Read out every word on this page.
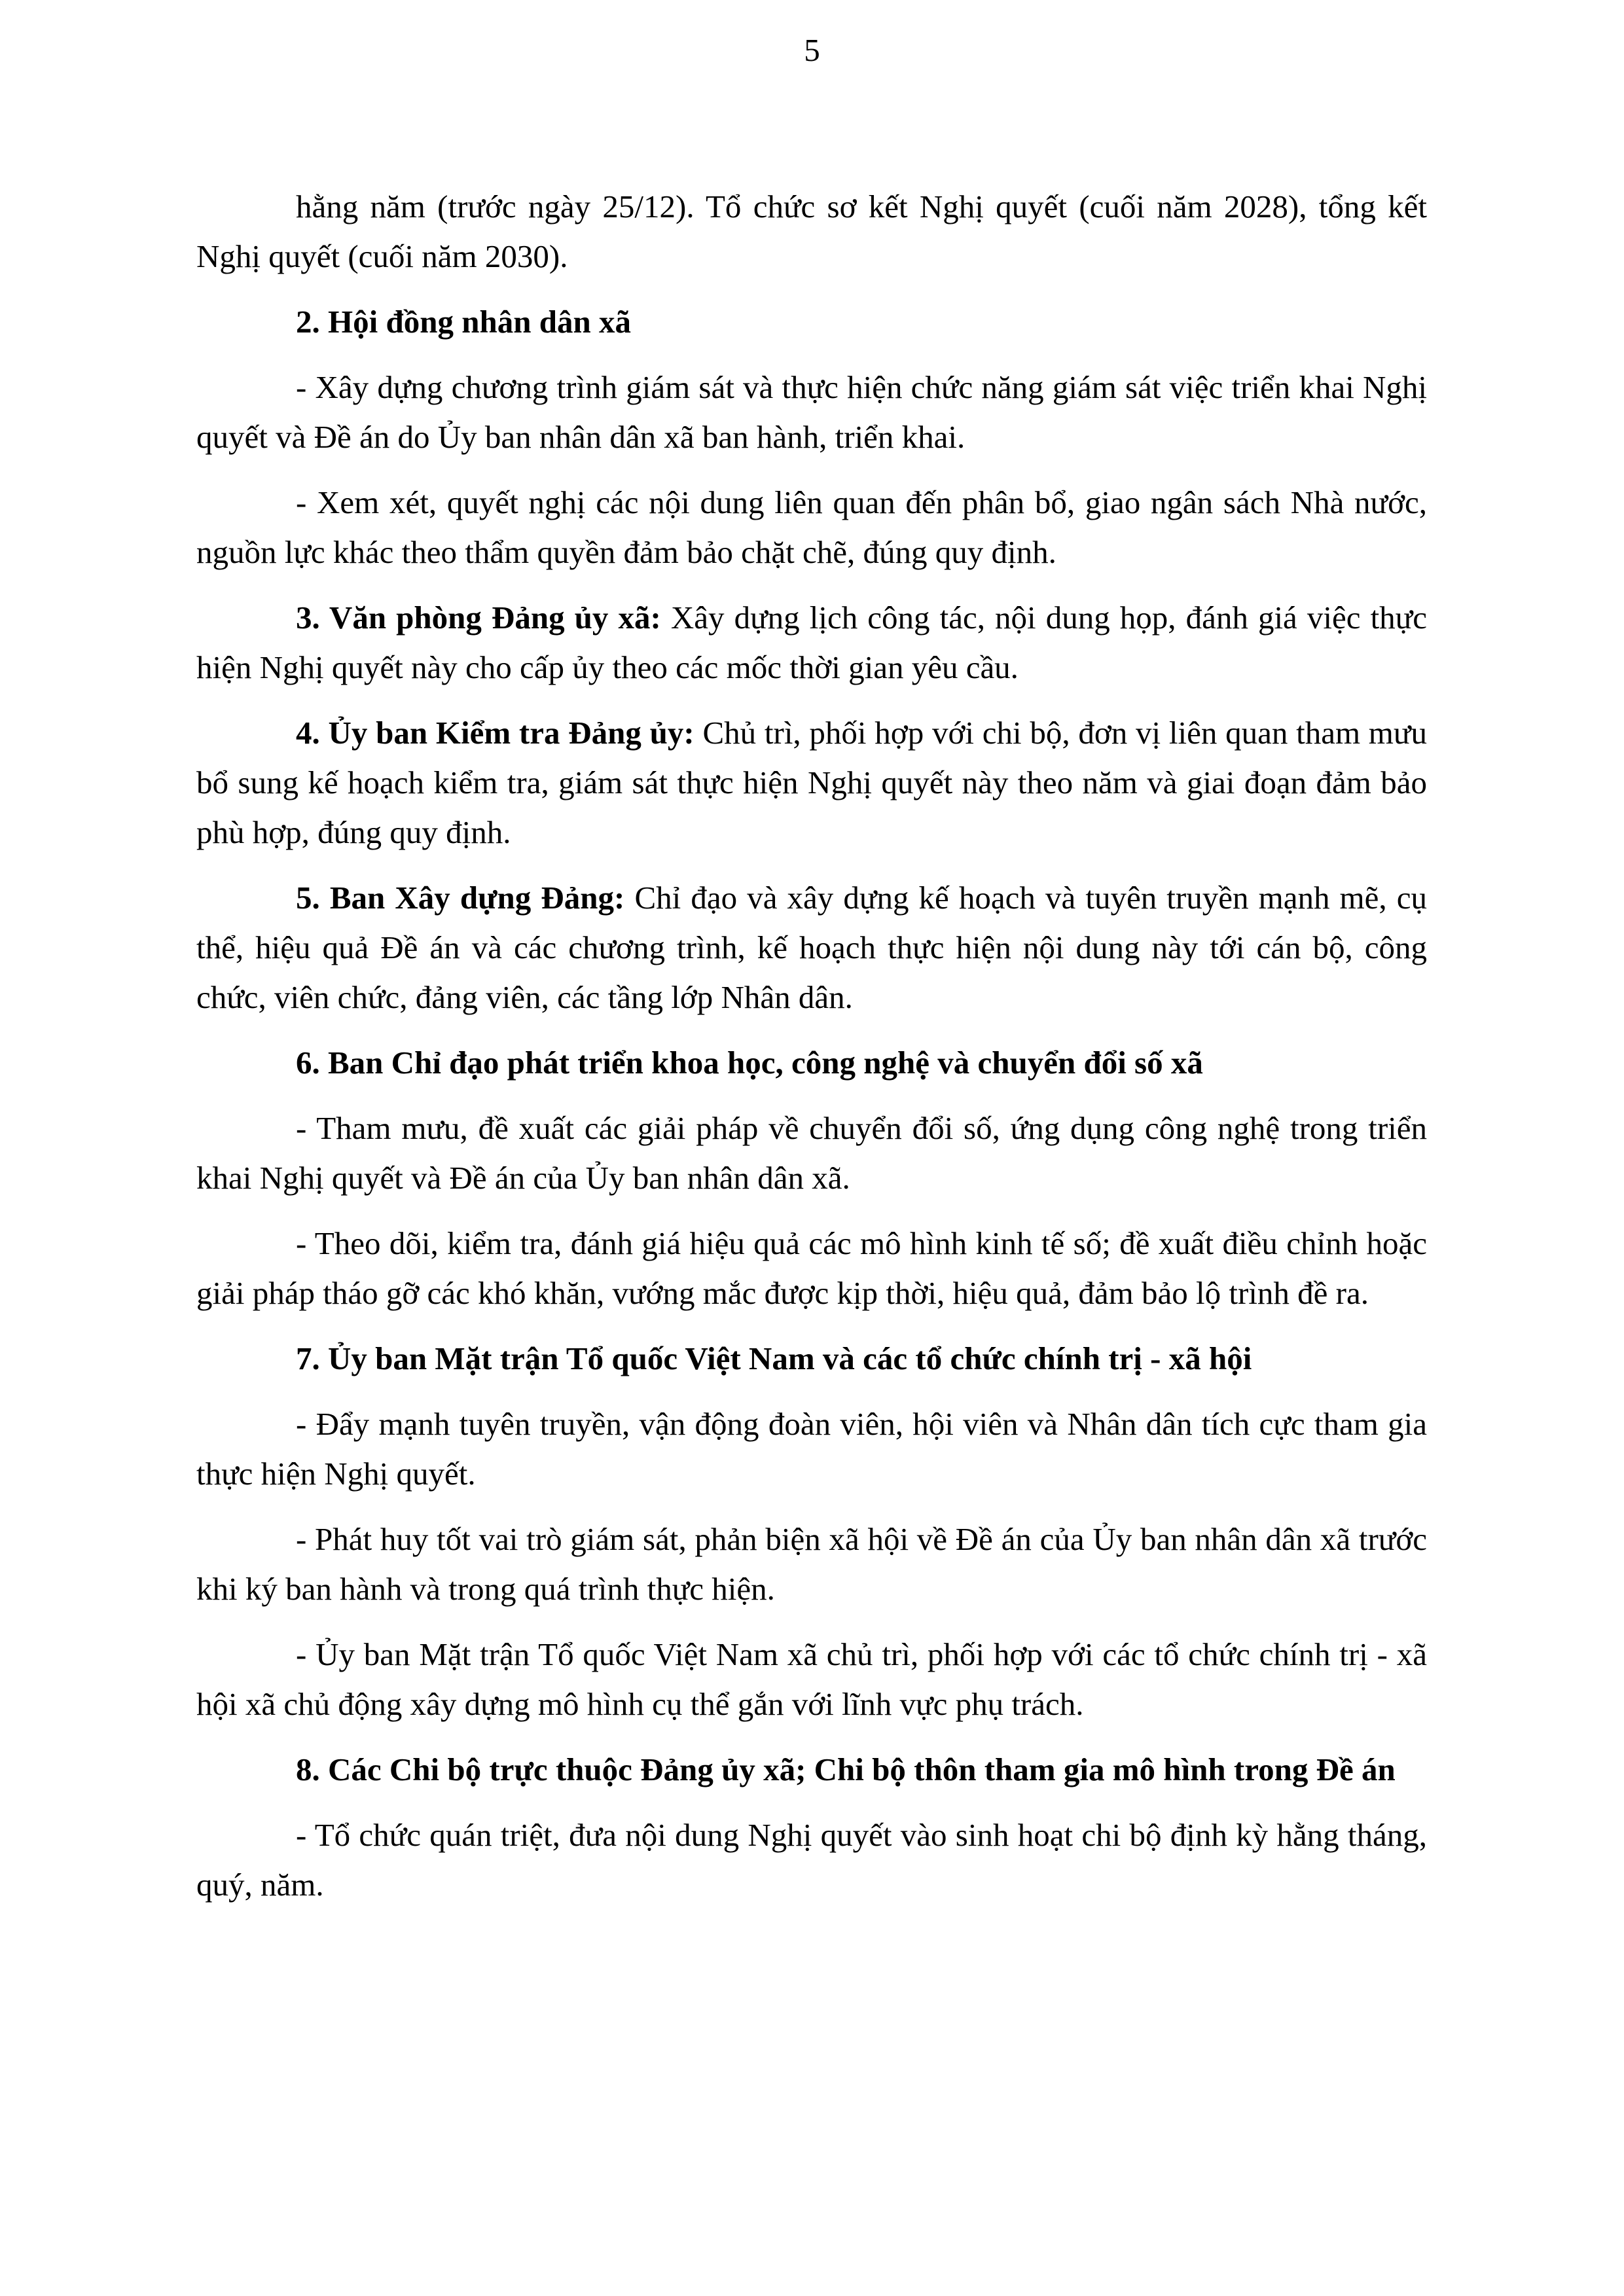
5

hằng năm (trước ngày 25/12). Tổ chức sơ kết Nghị quyết (cuối năm 2028), tổng kết Nghị quyết (cuối năm 2030).

2. Hội đồng nhân dân xã

- Xây dựng chương trình giám sát và thực hiện chức năng giám sát việc triển khai Nghị quyết và Đề án do Ủy ban nhân dân xã ban hành, triển khai.

- Xem xét, quyết nghị các nội dung liên quan đến phân bổ, giao ngân sách Nhà nước, nguồn lực khác theo thẩm quyền đảm bảo chặt chẽ, đúng quy định.

3. Văn phòng Đảng ủy xã: Xây dựng lịch công tác, nội dung họp, đánh giá việc thực hiện Nghị quyết này cho cấp ủy theo các mốc thời gian yêu cầu.

4. Ủy ban Kiểm tra Đảng ủy: Chủ trì, phối hợp với chi bộ, đơn vị liên quan tham mưu bổ sung kế hoạch kiểm tra, giám sát thực hiện Nghị quyết này theo năm và giai đoạn đảm bảo phù hợp, đúng quy định.

5. Ban Xây dựng Đảng: Chỉ đạo và xây dựng kế hoạch và tuyên truyền mạnh mẽ, cụ thể, hiệu quả Đề án và các chương trình, kế hoạch thực hiện nội dung này tới cán bộ, công chức, viên chức, đảng viên, các tầng lớp Nhân dân.

6. Ban Chỉ đạo phát triển khoa học, công nghệ và chuyển đổi số xã

- Tham mưu, đề xuất các giải pháp về chuyển đổi số, ứng dụng công nghệ trong triển khai Nghị quyết và Đề án của Ủy ban nhân dân xã.

- Theo dõi, kiểm tra, đánh giá hiệu quả các mô hình kinh tế số; đề xuất điều chỉnh hoặc giải pháp tháo gỡ các khó khăn, vướng mắc được kịp thời, hiệu quả, đảm bảo lộ trình đề ra.

7. Ủy ban Mặt trận Tổ quốc Việt Nam và các tổ chức chính trị - xã hội

- Đẩy mạnh tuyên truyền, vận động đoàn viên, hội viên và Nhân dân tích cực tham gia thực hiện Nghị quyết.

- Phát huy tốt vai trò giám sát, phản biện xã hội về Đề án của Ủy ban nhân dân xã trước khi ký ban hành và trong quá trình thực hiện.

- Ủy ban Mặt trận Tổ quốc Việt Nam xã chủ trì, phối hợp với các tổ chức chính trị - xã hội xã chủ động xây dựng mô hình cụ thể gắn với lĩnh vực phụ trách.

8. Các Chi bộ trực thuộc Đảng ủy xã; Chi bộ thôn tham gia mô hình trong Đề án

- Tổ chức quán triệt, đưa nội dung Nghị quyết vào sinh hoạt chi bộ định kỳ hằng tháng, quý, năm.
